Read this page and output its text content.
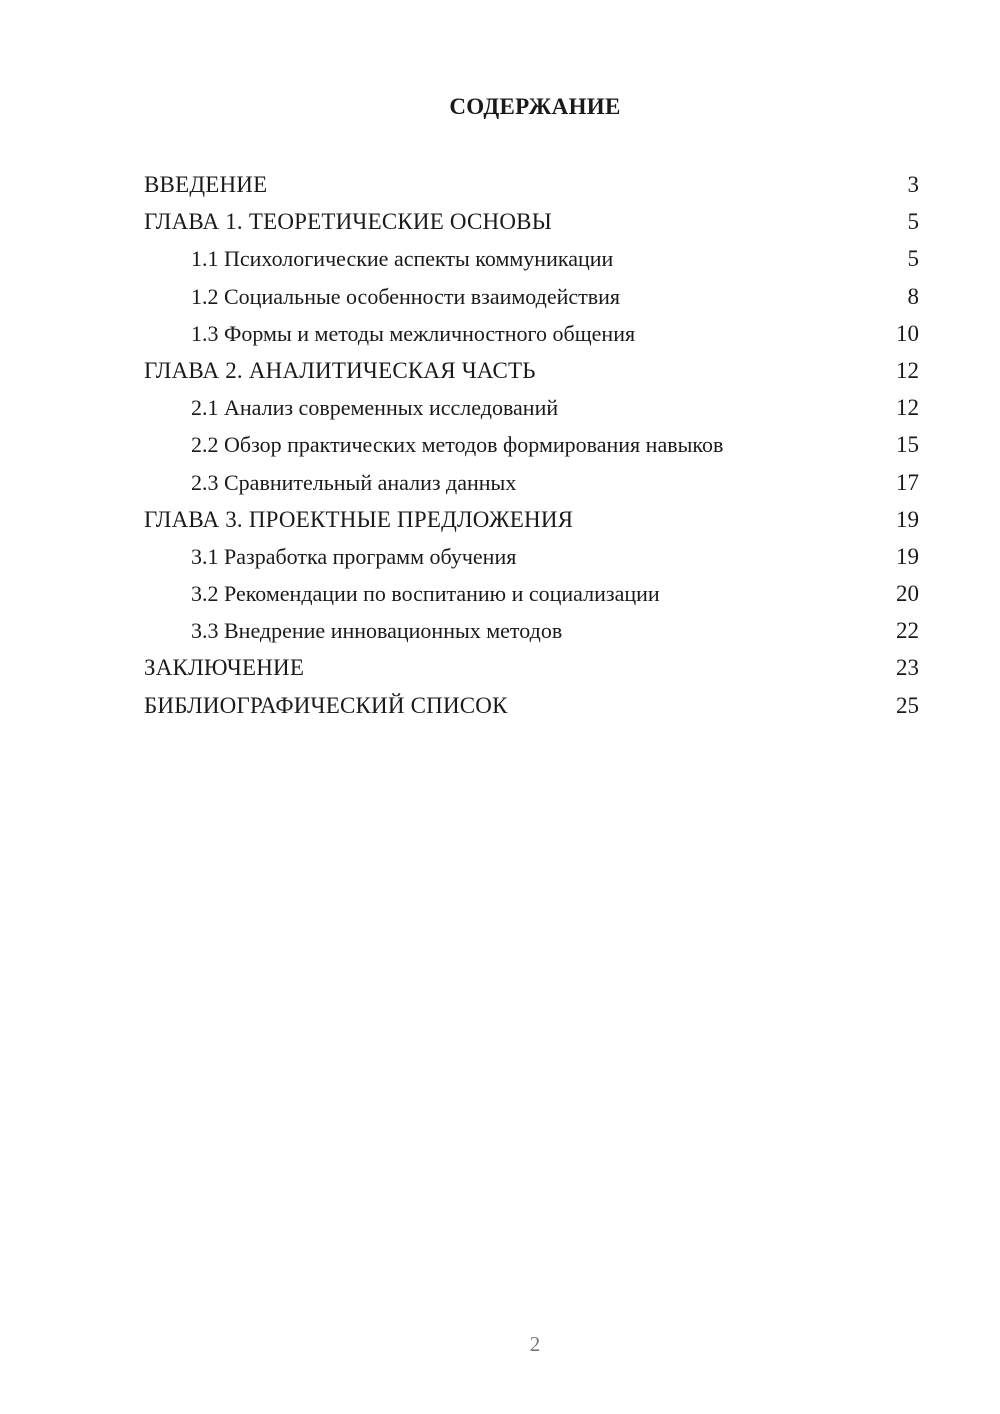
СОДЕРЖАНИЕ
ВВЕДЕНИЕ	3
ГЛАВА 1. ТЕОРЕТИЧЕСКИЕ ОСНОВЫ	5
1.1 Психологические аспекты коммуникации	5
1.2 Социальные особенности взаимодействия	8
1.3 Формы и методы межличностного общения	10
ГЛАВА 2. АНАЛИТИЧЕСКАЯ ЧАСТЬ	12
2.1 Анализ современных исследований	12
2.2 Обзор практических методов формирования навыков	15
2.3 Сравнительный анализ данных	17
ГЛАВА 3. ПРОЕКТНЫЕ ПРЕДЛОЖЕНИЯ	19
3.1 Разработка программ обучения	19
3.2 Рекомендации по воспитанию и социализации	20
3.3 Внедрение инновационных методов	22
ЗАКЛЮЧЕНИЕ	23
БИБЛИОГРАФИЧЕСКИЙ СПИСОК	25
2
